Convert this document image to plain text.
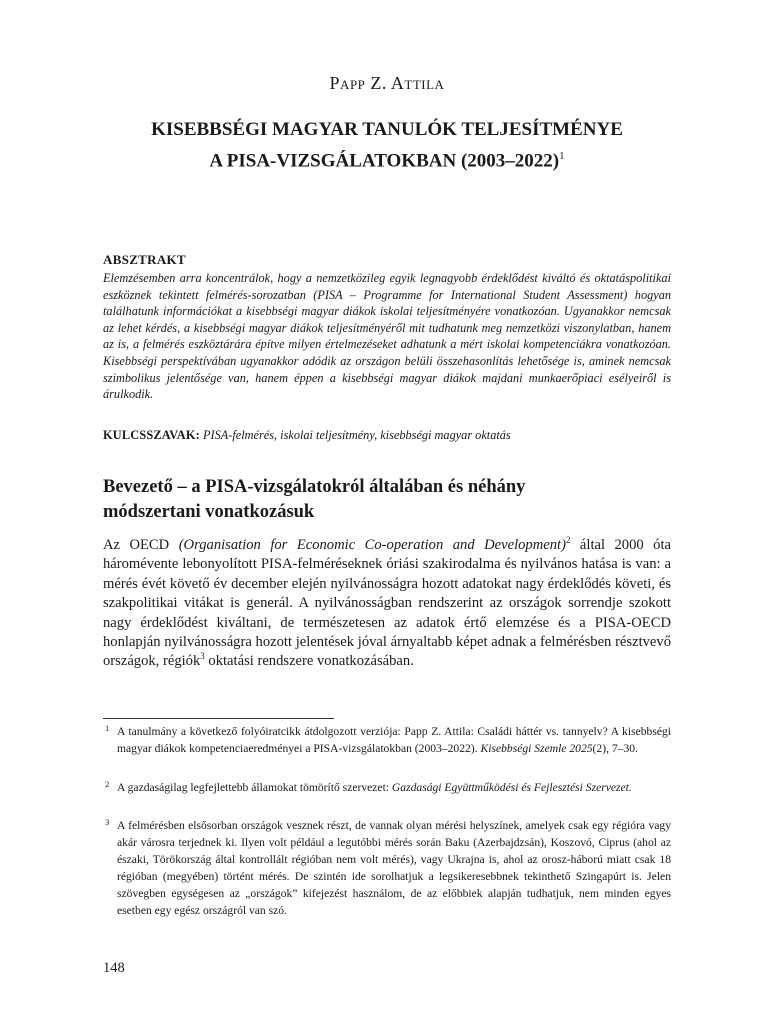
Papp Z. Attila
KISEBBSÉGI MAGYAR TANULÓK TELJESÍTMÉNYE
A PISA-VIZSGÁLATOKBAN (2003–2022)$^1$
ABSZTRAKT
Elemzésemben arra koncentrálok, hogy a nemzetközileg egyik legnagyobb érdeklődést kiváltó és oktatáspolitikai eszköznek tekintett felmérés-sorozatban (PISA – Programme for International Student Assessment) hogyan találhatunk információkat a kisebbségi magyar diákok iskolai teljesítményére vonatkozóan. Ugyanakkor nemcsak az lehet kérdés, a kisebbségi magyar diákok teljesítményéről mit tudhatunk meg nemzetközi viszonylatban, hanem az is, a felmérés eszköztárára építve milyen értelmezéseket adhatunk a mért iskolai kompetenciákra vonatkozóan. Kisebbségi perspektívában ugyanakkor adódik az országon belüli összehasonlítás lehetősége is, aminek nemcsak szimbolikus jelentősége van, hanem éppen a kisebbségi magyar diákok majdani munkaerőpiaci esélyeiről is árulkodik.
KULCSSZAVAK: PISA-felmérés, iskolai teljesítmény, kisebbségi magyar oktatás
Bevezető – a PISA-vizsgálatokról általában és néhány
módszertani vonatkozásuk
Az OECD (Organisation for Economic Co-operation and Development)$^2$ által 2000 óta háromévente lebonyolított PISA-felméréseknek óriási szakirodalma és nyilvános hatása is van: a mérés évét követő év december elején nyilvánosságra hozott adatokat nagy érdeklődés követi, és szakpolitikai vitákat is generál. A nyilvánosságban rendszerint az országok sorrendje szokott nagy érdeklődést kiváltani, de természetesen az adatok értő elemzése és a PISA-OECD honlapján nyilvánosságra hozott jelentések jóval árnyaltabb képet adnak a felmérésben résztvevő országok, régiók$^3$ oktatási rendszere vonatkozásában.
1 A tanulmány a következő folyóiratcikk átdolgozott verziója: Papp Z. Attila: Családi háttér vs. tannyelv? A kisebbségi magyar diákok kompetenciaeredményei a PISA-vizsgálatokban (2003–2022). Kisebbségi Szemle 2025(2), 7–30.
2 A gazdaságilag legfejlettebb államokat tömörítő szervezet: Gazdasági Együttműködési és Fejlesztési Szervezet.
3 A felmérésben elsősorban országok vesznek részt, de vannak olyan mérési helyszínek, amelyek csak egy régióra vagy akár városra terjednek ki. Ilyen volt például a legutóbbi mérés során Baku (Azerbajdzsán), Koszovó, Ciprus (ahol az északi, Törökország által kontrollált régióban nem volt mérés), vagy Ukrajna is, ahol az orosz-háború miatt csak 18 régióban (megyében) történt mérés. De szintén ide sorolhatjuk a legsikeresebbnek tekinthető Szingapúrt is. Jelen szövegben egységesen az „országok” kifejezést használom, de az előbbiek alapján tudhatjuk, nem minden egyes esetben egy egész országról van szó.
148
